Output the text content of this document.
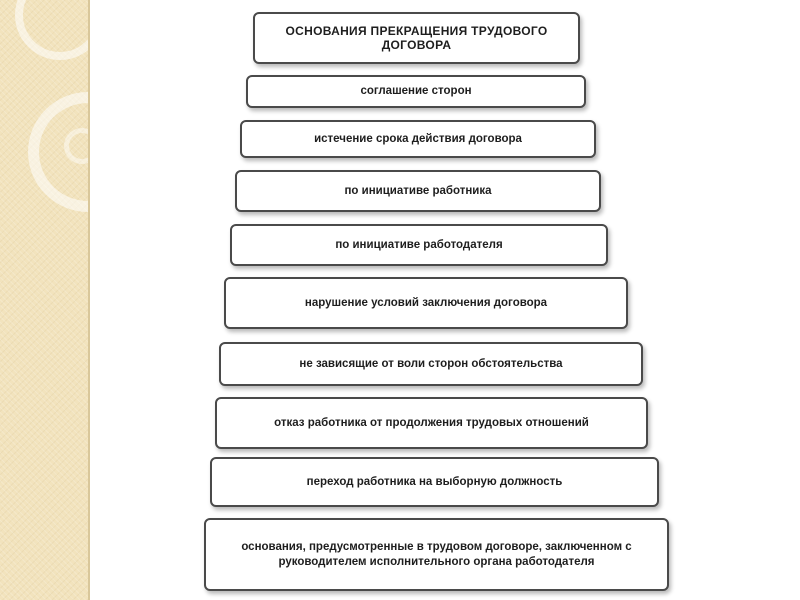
ОСНОВАНИЯ ПРЕКРАЩЕНИЯ ТРУДОВОГО ДОГОВОРА
соглашение сторон
истечение срока действия договора
по инициативе работника
по инициативе работодателя
нарушение условий заключения договора
не зависящие от воли сторон обстоятельства
отказ работника от продолжения трудовых отношений
переход работника на выборную должность
основания, предусмотренные в трудовом договоре, заключенном с руководителем исполнительного органа работодателя
